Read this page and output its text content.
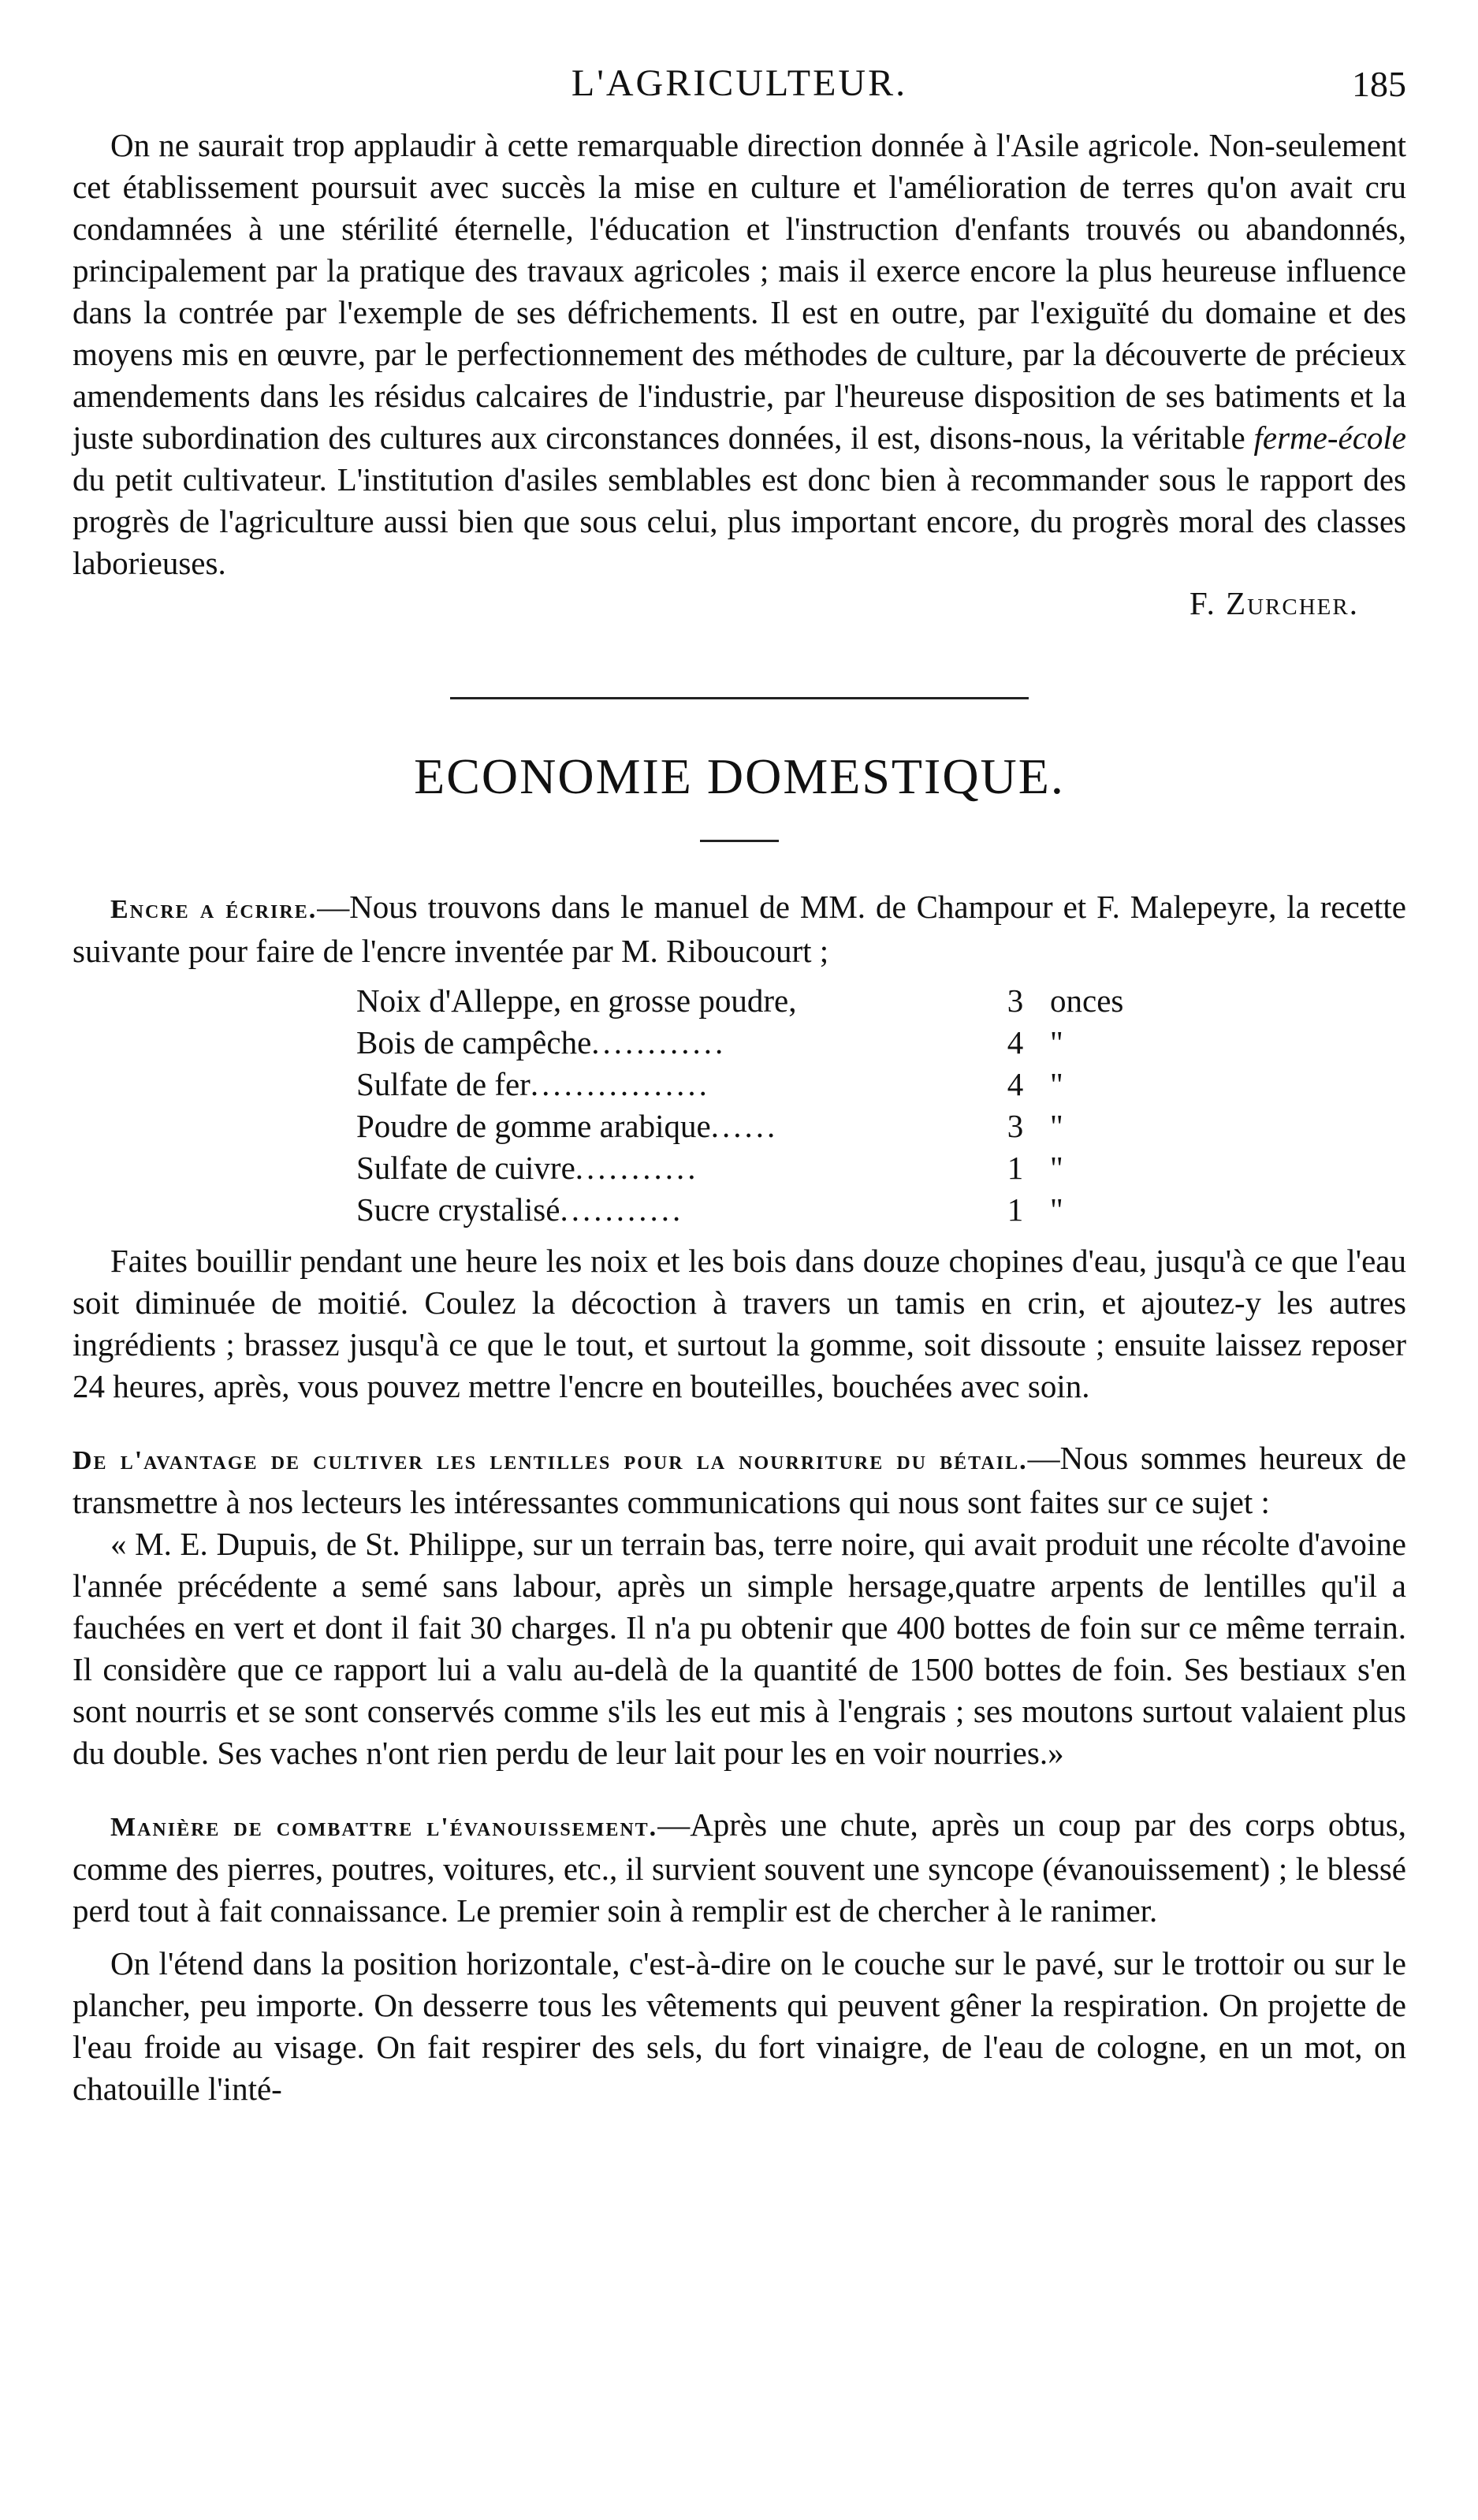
L'AGRICULTEUR.	185

On ne saurait trop applaudir à cette remarquable direction donnée à l'Asile agricole. Non-seulement cet établissement poursuit avec succès la mise en culture et l'amélioration de terres qu'on avait cru condamnées à une stérilité éternelle, l'éducation et l'instruction d'enfants trouvés ou abandonnés, principalement par la pratique des travaux agricoles ; mais il exerce encore la plus heureuse influence dans la contrée par l'exemple de ses défrichements. Il est en outre, par l'exiguïté du domaine et des moyens mis en œuvre, par le perfectionnement des méthodes de culture, par la découverte de précieux amendements dans les résidus calcaires de l'industrie, par l'heureuse disposition de ses batiments et la juste subordination des cultures aux circonstances données, il est, disons-nous, la véritable ferme-école du petit cultivateur. L'institution d'asiles semblables est donc bien à recommander sous le rapport des progrès de l'agriculture aussi bien que sous celui, plus important encore, du progrès moral des classes laborieuses.

F. Zurcher.
ECONOMIE DOMESTIQUE.

Encre a écrire.—Nous trouvons dans le manuel de MM. de Champour et F. Malepeyre, la recette suivante pour faire de l'encre inventée par M. Riboucourt ;

Noix d'Alleppe, en grosse poudre,	3 onces
Bois de campêche............	4 "
Sulfate de fer................	4 "
Poudre de gomme arabique......	3 "
Sulfate de cuivre...........	1 "
Sucre crystalisé...........	1 "

Faites bouillir pendant une heure les noix et les bois dans douze chopines d'eau, jusqu'à ce que l'eau soit diminuée de moitié. Coulez la décoction à travers un tamis en crin, et ajoutez-y les autres ingrédients ; brassez jusqu'à ce que le tout, et surtout la gomme, soit dissoute ; ensuite laissez reposer 24 heures, après, vous pouvez mettre l'encre en bouteilles, bouchées avec soin.

De l'avantage de cultiver les lentilles pour la nourriture du bétail.—Nous sommes heureux de transmettre à nos lecteurs les intéressantes communications qui nous sont faites sur ce sujet :

« M. E. Dupuis, de St. Philippe, sur un terrain bas, terre noire, qui avait produit une récolte d'avoine l'année précédente a semé sans labour, après un simple hersage,quatre arpents de lentilles qu'il a fauchées en vert et dont il fait 30 charges. Il n'a pu obtenir que 400 bottes de foin sur ce même terrain. Il considère que ce rapport lui a valu au-delà de la quantité de 1500 bottes de foin. Ses bestiaux s'en sont nourris et se sont conservés comme s'ils les eut mis à l'engrais ; ses moutons surtout valaient plus du double. Ses vaches n'ont rien perdu de leur lait pour les en voir nourries.»

Manière de combattre l'évanouissement.—Après une chute, après un coup par des corps obtus, comme des pierres, poutres, voitures, etc., il survient souvent une syncope (évanouissement) ; le blessé perd tout à fait connaissance. Le premier soin à remplir est de chercher à le ranimer.

On l'étend dans la position horizontale, c'est-à-dire on le couche sur le pavé, sur le trottoir ou sur le plancher, peu importe. On desserre tous les vêtements qui peuvent gêner la respiration. On projette de l'eau froide au visage. On fait respirer des sels, du fort vinaigre, de l'eau de cologne, en un mot, on chatouille l'inté-
